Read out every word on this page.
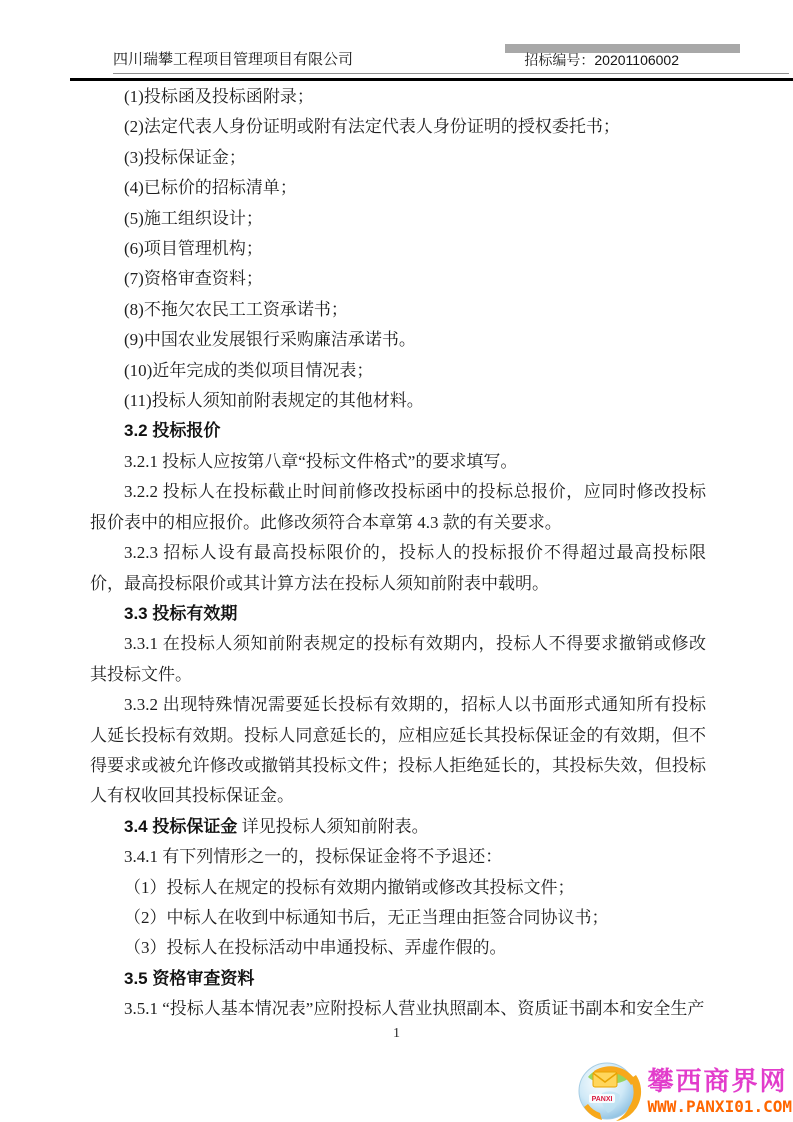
四川瑞攀工程项目管理项目有限公司	招标编号：20201106002

(1)投标函及投标函附录；

(2)法定代表人身份证明或附有法定代表人身份证明的授权委托书；

(3)投标保证金；

(4)已标价的招标清单；

(5)施工组织设计；

(6)项目管理机构；

(7)资格审查资料；

(8)不拖欠农民工工资承诺书；

(9)中国农业发展银行采购廉洁承诺书。

(10)近年完成的类似项目情况表；

(11)投标人须知前附表规定的其他材料。

3.2 投标报价

3.2.1 投标人应按第八章“投标文件格式”的要求填写。

3.2.2 投标人在投标截止时间前修改投标函中的投标总报价，应同时修改投标报价表中的相应报价。此修改须符合本章第 4.3 款的有关要求。

3.2.3 招标人设有最高投标限价的，投标人的投标报价不得超过最高投标限价，最高投标限价或其计算方法在投标人须知前附表中载明。

3.3 投标有效期

3.3.1 在投标人须知前附表规定的投标有效期内，投标人不得要求撤销或修改其投标文件。

3.3.2 出现特殊情况需要延长投标有效期的，招标人以书面形式通知所有投标人延长投标有效期。投标人同意延长的，应相应延长其投标保证金的有效期，但不得要求或被允许修改或撤销其投标文件；投标人拒绝延长的，其投标失效，但投标人有权收回其投标保证金。

3.4 投标保证金 详见投标人须知前附表。

3.4.1 有下列情形之一的，投标保证金将不予退还：

（1）投标人在规定的投标有效期内撤销或修改其投标文件；

（2）中标人在收到中标通知书后，无正当理由拒签合同协议书；

（3）投标人在投标活动中串通投标、弄虚作假的。

3.5 资格审查资料

3.5.1 “投标人基本情况表”应附投标人营业执照副本、资质证书副本和安全生产

1
PANXI
攀西商界网
WWW.PANXI01.COM
